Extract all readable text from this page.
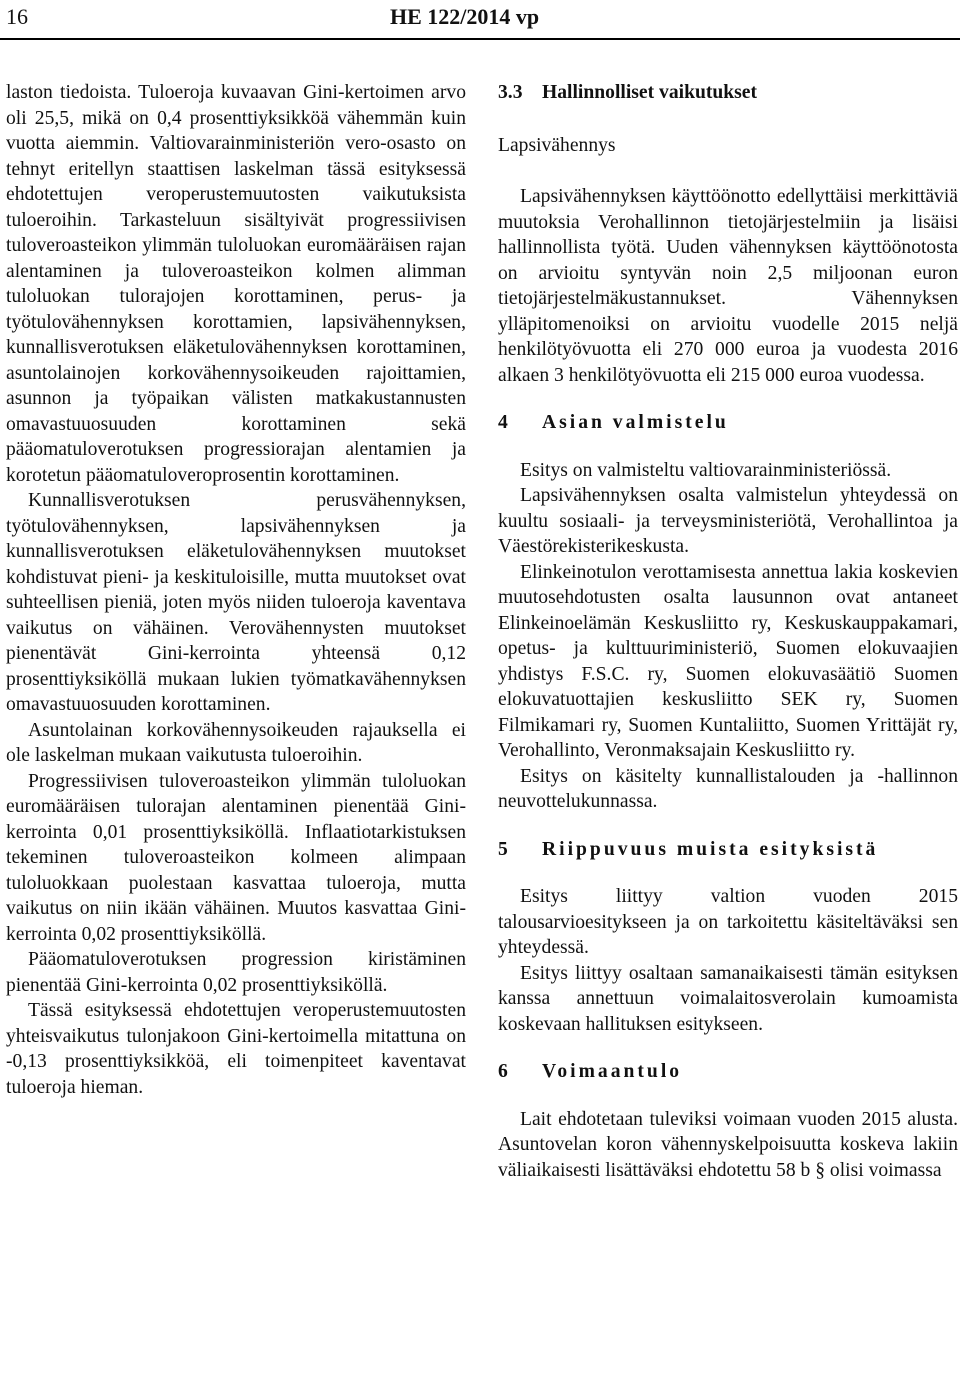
16	HE 122/2014 vp

laston tiedoista. Tuloeroja kuvaavan Gini-kertoimen arvo oli 25,5, mikä on 0,4 prosenttiyksikköä vähemmän kuin vuotta aiemmin. Valtiovarainministeriön vero-osasto on tehnyt eritellyn staattisen laskelman tässä esityksessä ehdotettujen veroperustemuutosten vaikutuksista tuloeroihin. Tarkasteluun sisältyivät progressiivisen tuloveroasteikon ylimmän tuloluokan euromääräisen rajan alentaminen ja tuloveroasteikon kolmen alimman tuloluokan tulorajojen korottaminen, perus- ja työtulovähennyksen korottamien, lapsivähennyksen, kunnallisverotuksen eläketulovähennyksen korottaminen, asuntolainojen korkovähennysoikeuden rajoittamien, asunnon ja työpaikan välisten matkakustannusten omavastuuosuuden korottaminen sekä pääomatuloverotuksen progressiorajan alentamien ja korotetun pääomatuloveroprosentin korottaminen.

Kunnallisverotuksen perusvähennyksen, työtulovähennyksen, lapsivähennyksen ja kunnallisverotuksen eläketulovähennyksen muutokset kohdistuvat pieni- ja keskituloisille, mutta muutokset ovat suhteellisen pieniä, joten myös niiden tuloeroja kaventava vaikutus on vähäinen. Verovähennysten muutokset pienentävät Gini-kerrointa yhteensä 0,12 prosenttiyksiköllä mukaan lukien työmatkavähennyksen omavastuuosuuden korottaminen.

Asuntolainan korkovähennysoikeuden rajauksella ei ole laskelman mukaan vaikutusta tuloeroihin.

Progressiivisen tuloveroasteikon ylimmän tuloluokan euromääräisen tulorajan alentaminen pienentää Gini-kerrointa 0,01 prosenttiyksiköllä. Inflaatiotarkistuksen tekeminen tuloveroasteikon kolmeen alimpaan tuloluokkaan puolestaan kasvattaa tuloeroja, mutta vaikutus on niin ikään vähäinen. Muutos kasvattaa Gini-kerrointa 0,02 prosenttiyksiköllä.

Pääomatuloverotuksen progression kiristäminen pienentää Gini-kerrointa 0,02 prosenttiyksiköllä.

Tässä esityksessä ehdotettujen veroperustemuutosten yhteisvaikutus tulonjakoon Gini-kertoimella mitattuna on -0,13 prosenttiyksikköä, eli toimenpiteet kaventavat tuloeroja hieman.

3.3 Hallinnolliset vaikutukset

Lapsivähennys

Lapsivähennyksen käyttöönotto edellyttäisi merkittäviä muutoksia Verohallinnon tietojärjestelmiin ja lisäisi hallinnollista työtä. Uuden vähennyksen käyttöönotosta on arvioitu syntyvän noin 2,5 miljoonan euron tietojärjestelmäkustannukset. Vähennyksen ylläpitomenoiksi on arvioitu vuodelle 2015 neljä henkilötyövuotta eli 270 000 euroa ja vuodesta 2016 alkaen 3 henkilötyövuotta eli 215 000 euroa vuodessa.

4 Asian valmistelu

Esitys on valmisteltu valtiovarainministeriössä.

Lapsivähennyksen osalta valmistelun yhteydessä on kuultu sosiaali- ja terveysministeriötä, Verohallintoa ja Väestörekisterikeskusta.

Elinkeinotulon verottamisesta annettua lakia koskevien muutosehdotusten osalta lausunnon ovat antaneet Elinkeinoelämän Keskusliitto ry, Keskuskauppakamari, opetus- ja kulttuuriministeriö, Suomen elokuvaajien yhdistys F.S.C. ry, Suomen elokuvasäätiö Suomen elokuvatuottajien keskusliitto SEK ry, Suomen Filmikamari ry, Suomen Kuntaliitto, Suomen Yrittäjät ry, Verohallinto, Veronmaksajain Keskusliitto ry.

Esitys on käsitelty kunnallistalouden ja -hallinnon neuvottelukunnassa.

5 Riippuvuus muista esityksistä

Esitys liittyy valtion vuoden 2015 talousarvioesitykseen ja on tarkoitettu käsiteltäväksi sen yhteydessä.

Esitys liittyy osaltaan samanaikaisesti tämän esityksen kanssa annettuun voimalaitosverolain kumoamista koskevaan hallituksen esitykseen.

6 Voimaantulo

Lait ehdotetaan tuleviksi voimaan vuoden 2015 alusta. Asuntovelan koron vähennyskelpoisuutta koskeva lakiin väliaikaisesti lisättäväksi ehdotettu 58 b § olisi voimassa
